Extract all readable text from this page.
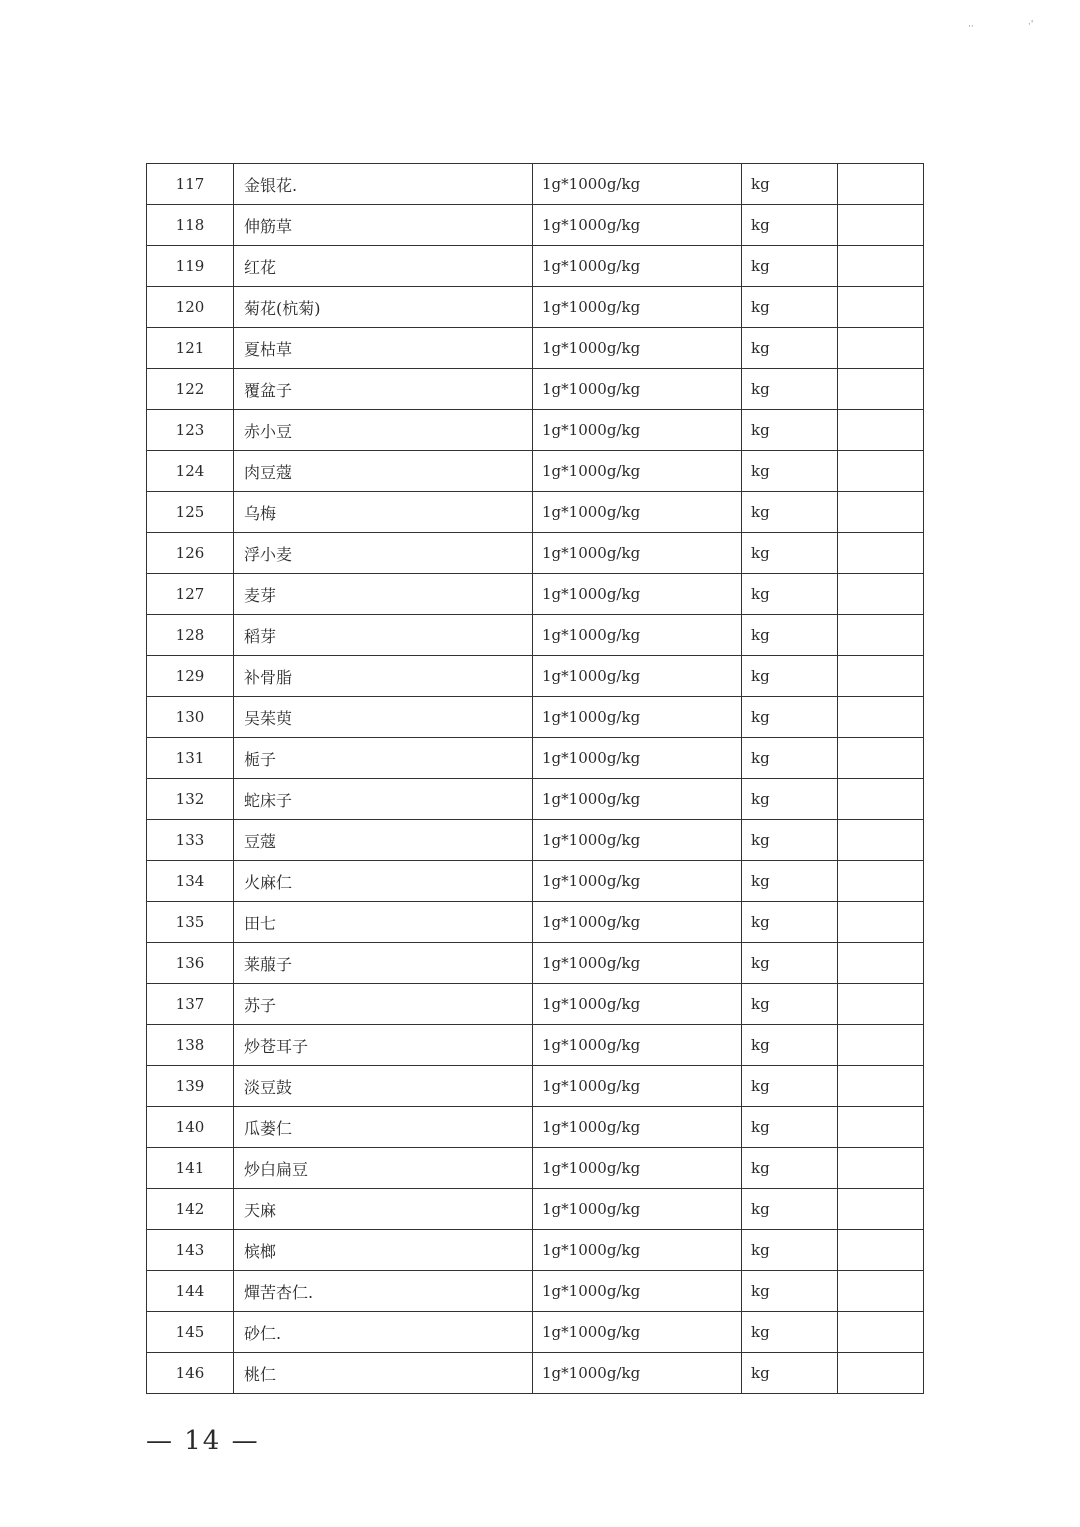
··	·'
117	金银花.	1g*1000g/kg	kg	
118	伸筋草	1g*1000g/kg	kg	
119	红花	1g*1000g/kg	kg	
120	菊花(杭菊)	1g*1000g/kg	kg	
121	夏枯草	1g*1000g/kg	kg	
122	覆盆子	1g*1000g/kg	kg	
123	赤小豆	1g*1000g/kg	kg	
124	肉豆蔻	1g*1000g/kg	kg	
125	乌梅	1g*1000g/kg	kg	
126	浮小麦	1g*1000g/kg	kg	
127	麦芽	1g*1000g/kg	kg	
128	稻芽	1g*1000g/kg	kg	
129	补骨脂	1g*1000g/kg	kg	
130	吴茱萸	1g*1000g/kg	kg	
131	栀子	1g*1000g/kg	kg	
132	蛇床子	1g*1000g/kg	kg	
133	豆蔻	1g*1000g/kg	kg	
134	火麻仁	1g*1000g/kg	kg	
135	田七	1g*1000g/kg	kg	
136	莱菔子	1g*1000g/kg	kg	
137	苏子	1g*1000g/kg	kg	
138	炒苍耳子	1g*1000g/kg	kg	
139	淡豆鼓	1g*1000g/kg	kg	
140	瓜蒌仁	1g*1000g/kg	kg	
141	炒白扁豆	1g*1000g/kg	kg	
142	天麻	1g*1000g/kg	kg	
143	槟榔	1g*1000g/kg	kg	
144	燀苦杏仁.	1g*1000g/kg	kg	
145	砂仁.	1g*1000g/kg	kg	
146	桃仁	1g*1000g/kg	kg	
— 14 —
